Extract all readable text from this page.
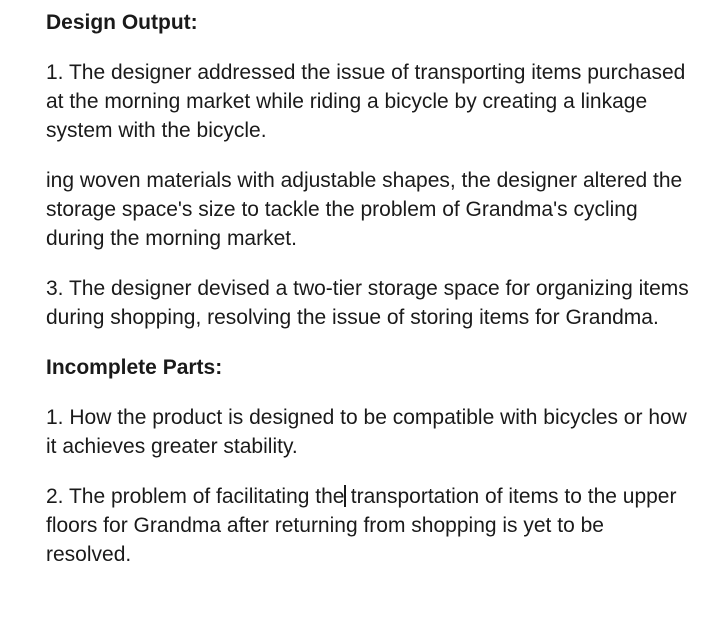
Design Output:

1. The designer addressed the issue of transporting items purchased at the morning market while riding a bicycle by creating a linkage system with the bicycle.

ing woven materials with adjustable shapes, the designer altered the storage space's size to tackle the problem of Grandma's cycling during the morning market.

3. The designer devised a two-tier storage space for organizing items during shopping, resolving the issue of storing items for Grandma.

Incomplete Parts:

1. How the product is designed to be compatible with bicycles or how it achieves greater stability.

2. The problem of facilitating the transportation of items to the upper floors for Grandma after returning from shopping is yet to be resolved.
